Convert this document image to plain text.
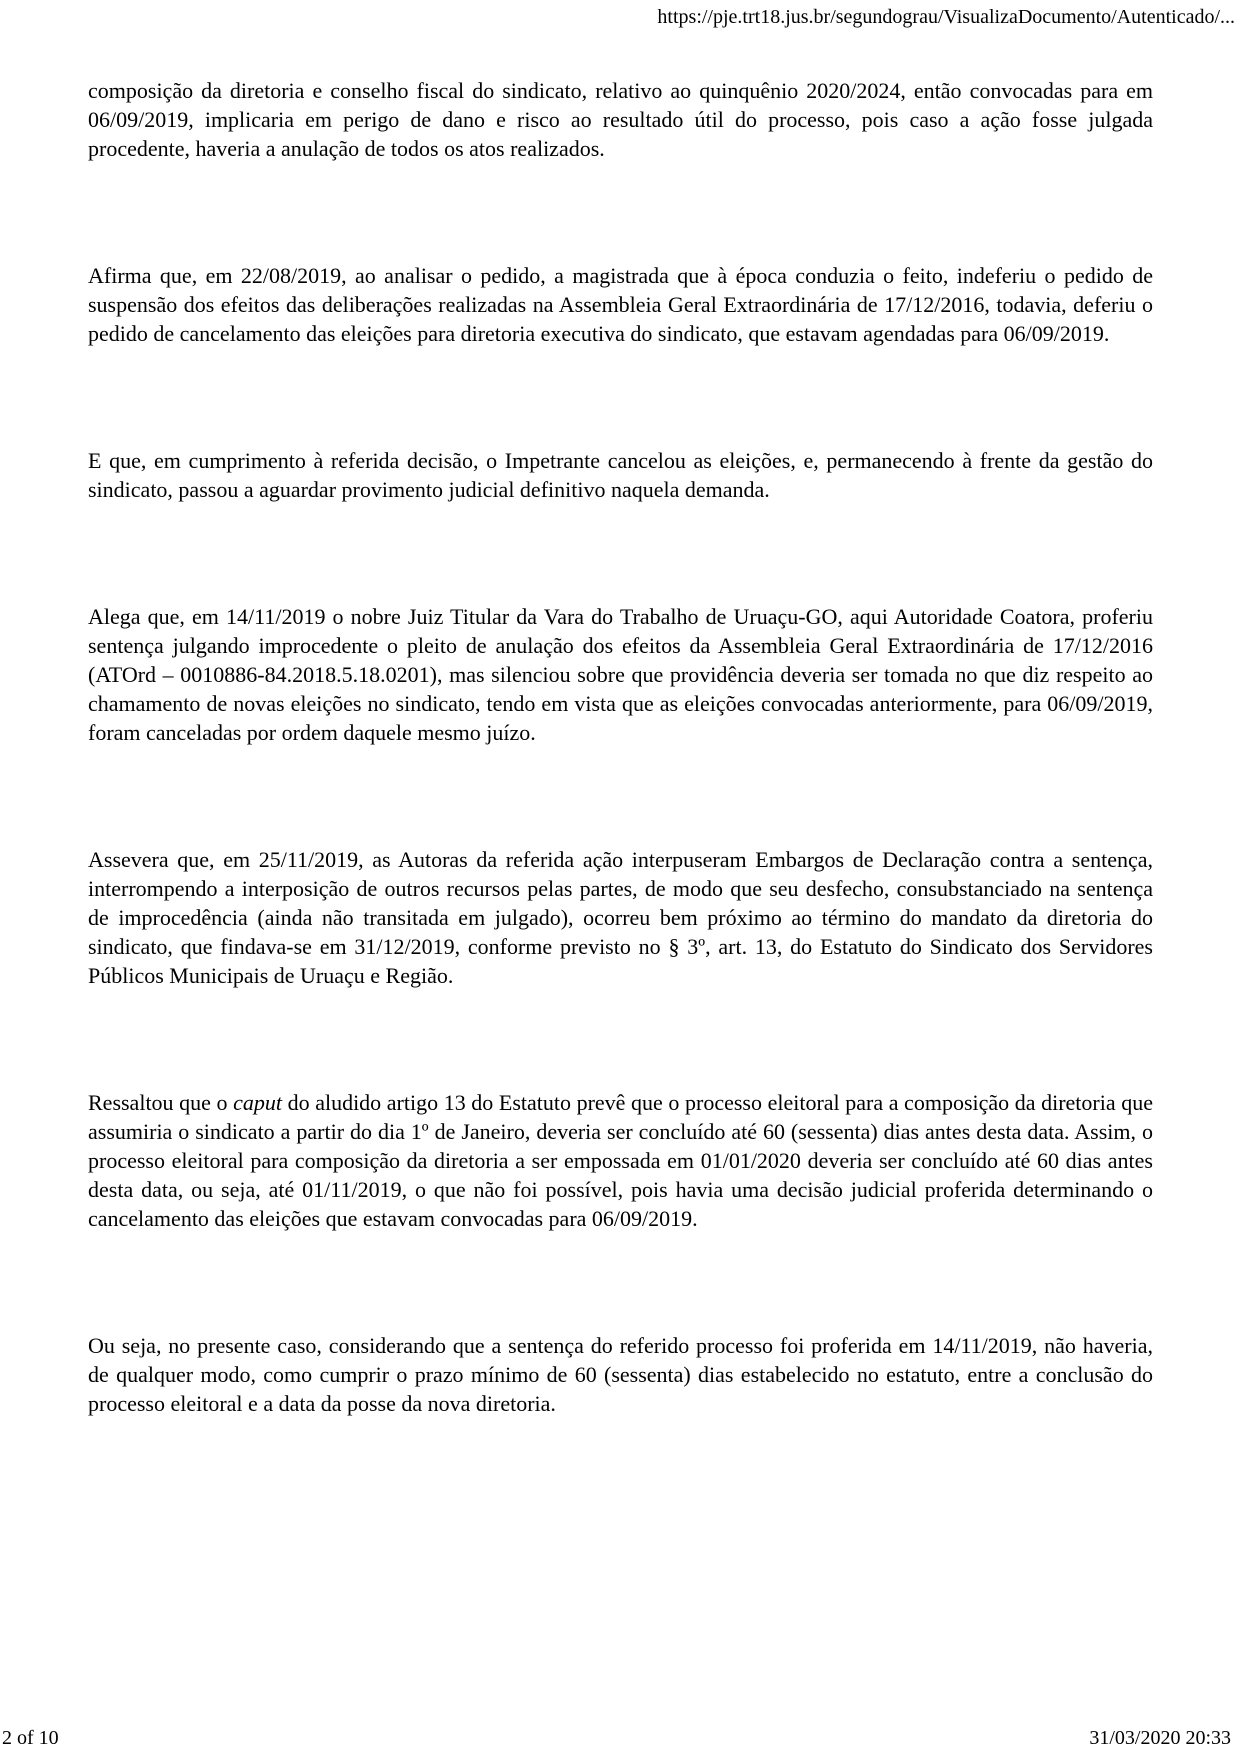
https://pje.trt18.jus.br/segundograu/VisualizaDocumento/Autenticado/...

composição da diretoria e conselho fiscal do sindicato, relativo ao quinquênio 2020/2024, então convocadas para em 06/09/2019, implicaria em perigo de dano e risco ao resultado útil do processo, pois caso a ação fosse julgada procedente, haveria a anulação de todos os atos realizados.

Afirma que, em 22/08/2019, ao analisar o pedido, a magistrada que à época conduzia o feito, indeferiu o pedido de suspensão dos efeitos das deliberações realizadas na Assembleia Geral Extraordinária de 17/12/2016, todavia, deferiu o pedido de cancelamento das eleições para diretoria executiva do sindicato, que estavam agendadas para 06/09/2019.

E que, em cumprimento à referida decisão, o Impetrante cancelou as eleições, e, permanecendo à frente da gestão do sindicato, passou a aguardar provimento judicial definitivo naquela demanda.

Alega que, em 14/11/2019 o nobre Juiz Titular da Vara do Trabalho de Uruaçu-GO, aqui Autoridade Coatora, proferiu sentença julgando improcedente o pleito de anulação dos efeitos da Assembleia Geral Extraordinária de 17/12/2016 (ATOrd – 0010886-84.2018.5.18.0201), mas silenciou sobre que providência deveria ser tomada no que diz respeito ao chamamento de novas eleições no sindicato, tendo em vista que as eleições convocadas anteriormente, para 06/09/2019, foram canceladas por ordem daquele mesmo juízo.

Assevera que, em 25/11/2019, as Autoras da referida ação interpuseram Embargos de Declaração contra a sentença, interrompendo a interposição de outros recursos pelas partes, de modo que seu desfecho, consubstanciado na sentença de improcedência (ainda não transitada em julgado), ocorreu bem próximo ao término do mandato da diretoria do sindicato, que findava-se em 31/12/2019, conforme previsto no § 3º, art. 13, do Estatuto do Sindicato dos Servidores Públicos Municipais de Uruaçu e Região.

Ressaltou que o caput do aludido artigo 13 do Estatuto prevê que o processo eleitoral para a composição da diretoria que assumiria o sindicato a partir do dia 1º de Janeiro, deveria ser concluído até 60 (sessenta) dias antes desta data. Assim, o processo eleitoral para composição da diretoria a ser empossada em 01/01/2020 deveria ser concluído até 60 dias antes desta data, ou seja, até 01/11/2019, o que não foi possível, pois havia uma decisão judicial proferida determinando o cancelamento das eleições que estavam convocadas para 06/09/2019.

Ou seja, no presente caso, considerando que a sentença do referido processo foi proferida em 14/11/2019, não haveria, de qualquer modo, como cumprir o prazo mínimo de 60 (sessenta) dias estabelecido no estatuto, entre a conclusão do processo eleitoral e a data da posse da nova diretoria.

2 of 10	31/03/2020 20:33
